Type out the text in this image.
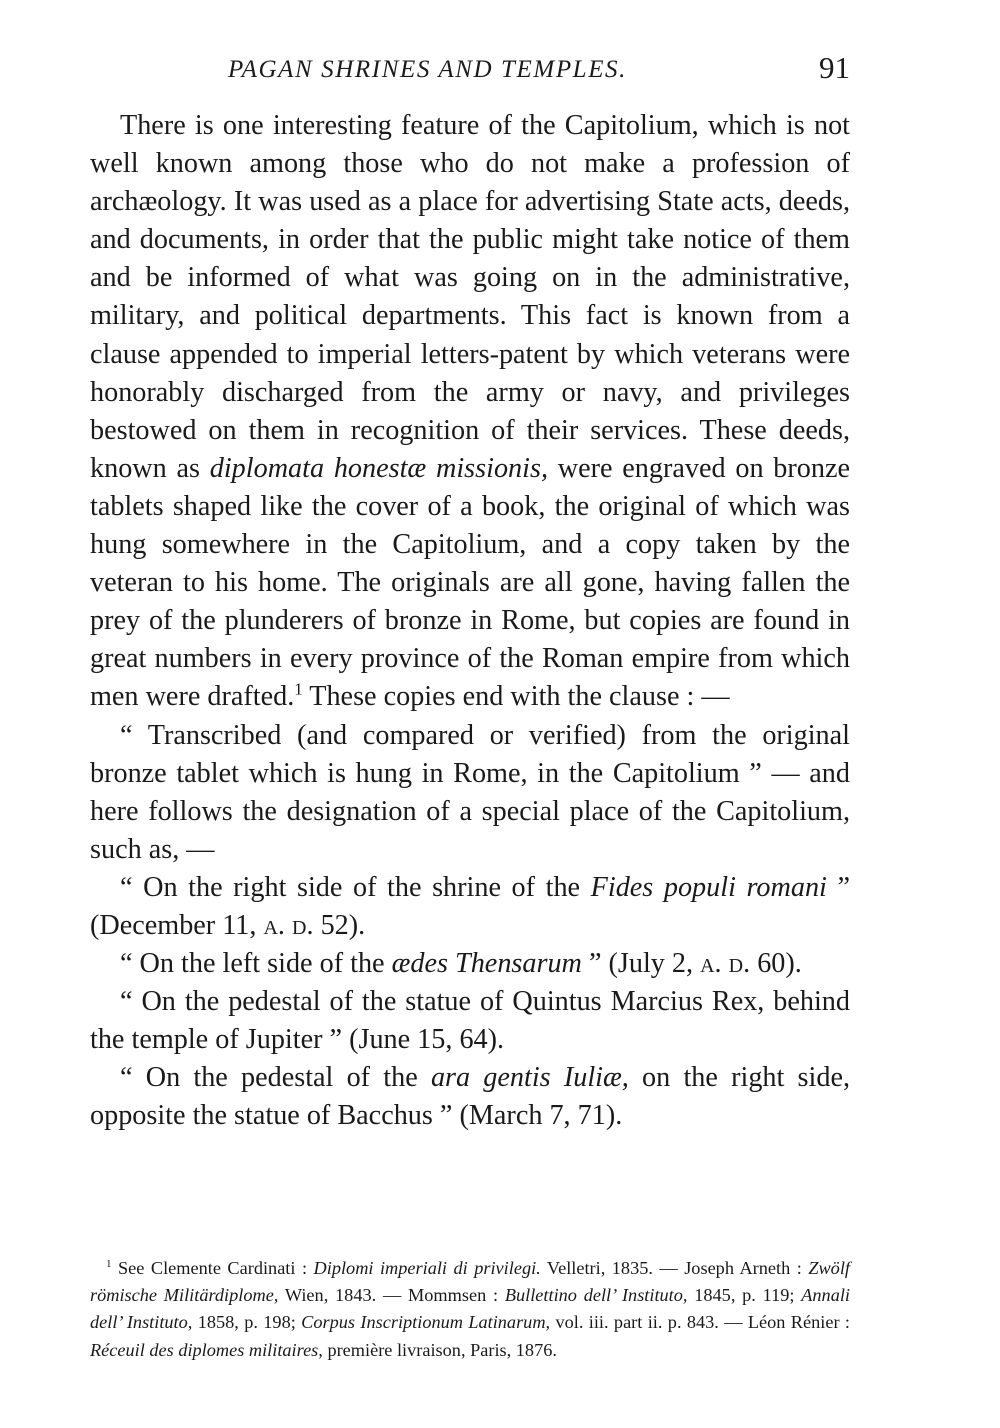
PAGAN SHRINES AND TEMPLES.	91

There is one interesting feature of the Capitolium, which is not well known among those who do not make a profession of archæology. It was used as a place for advertising State acts, deeds, and documents, in order that the public might take notice of them and be informed of what was going on in the administrative, military, and political departments. This fact is known from a clause appended to imperial letters-patent by which veterans were honorably discharged from the army or navy, and privileges bestowed on them in recognition of their services. These deeds, known as diplomata honestæ missionis, were engraved on bronze tablets shaped like the cover of a book, the original of which was hung somewhere in the Capitolium, and a copy taken by the veteran to his home. The originals are all gone, having fallen the prey of the plunderers of bronze in Rome, but copies are found in great numbers in every province of the Roman empire from which men were drafted.$^1$ These copies end with the clause : —

“ Transcribed (and compared or verified) from the original bronze tablet which is hung in Rome, in the Capitolium ” — and here follows the designation of a special place of the Capitolium, such as, —

“ On the right side of the shrine of the Fides populi romani ” (December 11, a. d. 52).

“ On the left side of the ædes Thensarum ” (July 2, a. d. 60).

“ On the pedestal of the statue of Quintus Marcius Rex, behind the temple of Jupiter ” (June 15, 64).

“ On the pedestal of the ara gentis Iuliæ, on the right side, opposite the statue of Bacchus ” (March 7, 71).

$^1$ See Clemente Cardinati : Diplomi imperiali di privilegi. Velletri, 1835. — Joseph Arneth : Zwölf römische Militärdiplome, Wien, 1843. — Mommsen : Bullettino dell’ Instituto, 1845, p. 119; Annali dell’ Instituto, 1858, p. 198; Corpus Inscriptionum Latinarum, vol. iii. part ii. p. 843. — Léon Rénier : Réceuil des diplomes militaires, première livraison, Paris, 1876.
